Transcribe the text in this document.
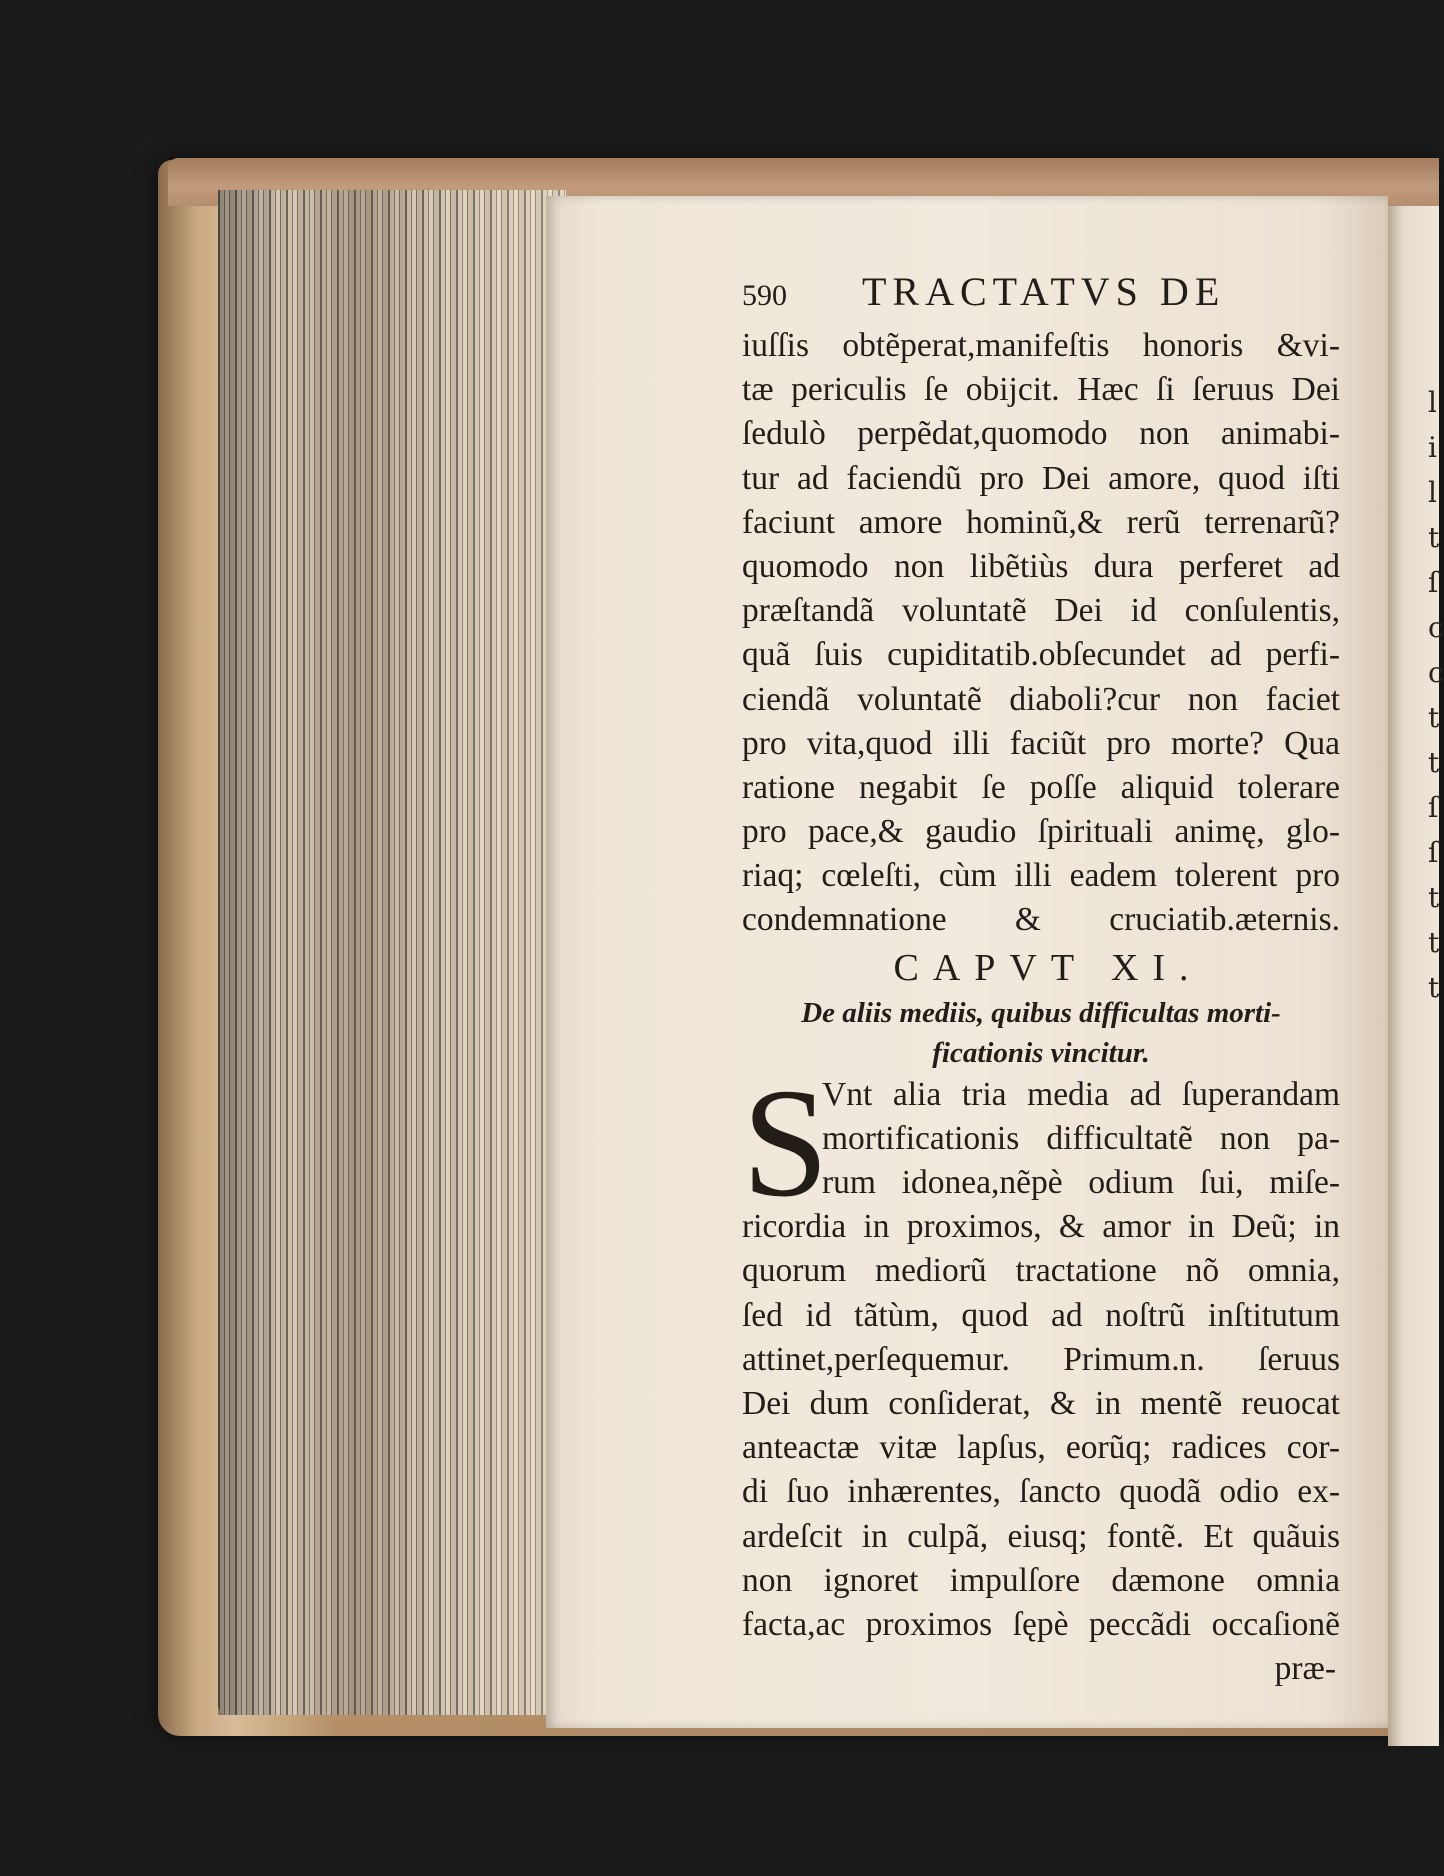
l
i
l
t
ſ
c
c
t
t
ſ
ſ
t
t
t
590	TRACTATVS DE
iuſſis obtẽperat,manifeſtis honoris &vi-
tæ periculis ſe obijcit. Hæc ſi ſeruus Dei
ſedulò perpẽdat,quomodo non animabi-
tur ad faciendũ pro Dei amore, quod iſti
faciunt amore hominũ,& rerũ terrenarũ?
quomodo non libẽtiùs dura perferet ad
præſtandã voluntatẽ Dei id conſulentis,
quã ſuis cupiditatib.obſecundet ad perfi-
ciendã voluntatẽ diaboli?cur non faciet
pro vita,quod illi faciũt pro morte? Qua
ratione negabit ſe poſſe aliquid tolerare
pro pace,& gaudio ſpirituali animę, glo-
riaq; cœleſti, cùm illi eadem tolerent pro
condemnatione & cruciatib.æternis.
CAPVT XI.
De aliis mediis, quibus difficultas morti-
ficationis vincitur.
S
Vnt alia tria media ad ſuperandam
mortificationis difficultatẽ non pa-
rum idonea,nẽpè odium ſui, miſe-
ricordia in proximos, & amor in Deũ; in
quorum mediorũ tractatione nõ omnia,
ſed id tãtùm, quod ad noſtrũ inſtitutum
attinet,perſequemur. Primum.n. ſeruus
Dei dum conſiderat, & in mentẽ reuocat
anteactæ vitæ lapſus, eorũq; radices cor-
di ſuo inhærentes, ſancto quodã odio ex-
ardeſcit in culpã, eiusq; fontẽ. Et quãuis
non ignoret impulſore dæmone omnia
facta,ac proximos ſępè peccãdi occaſionẽ
præ-
